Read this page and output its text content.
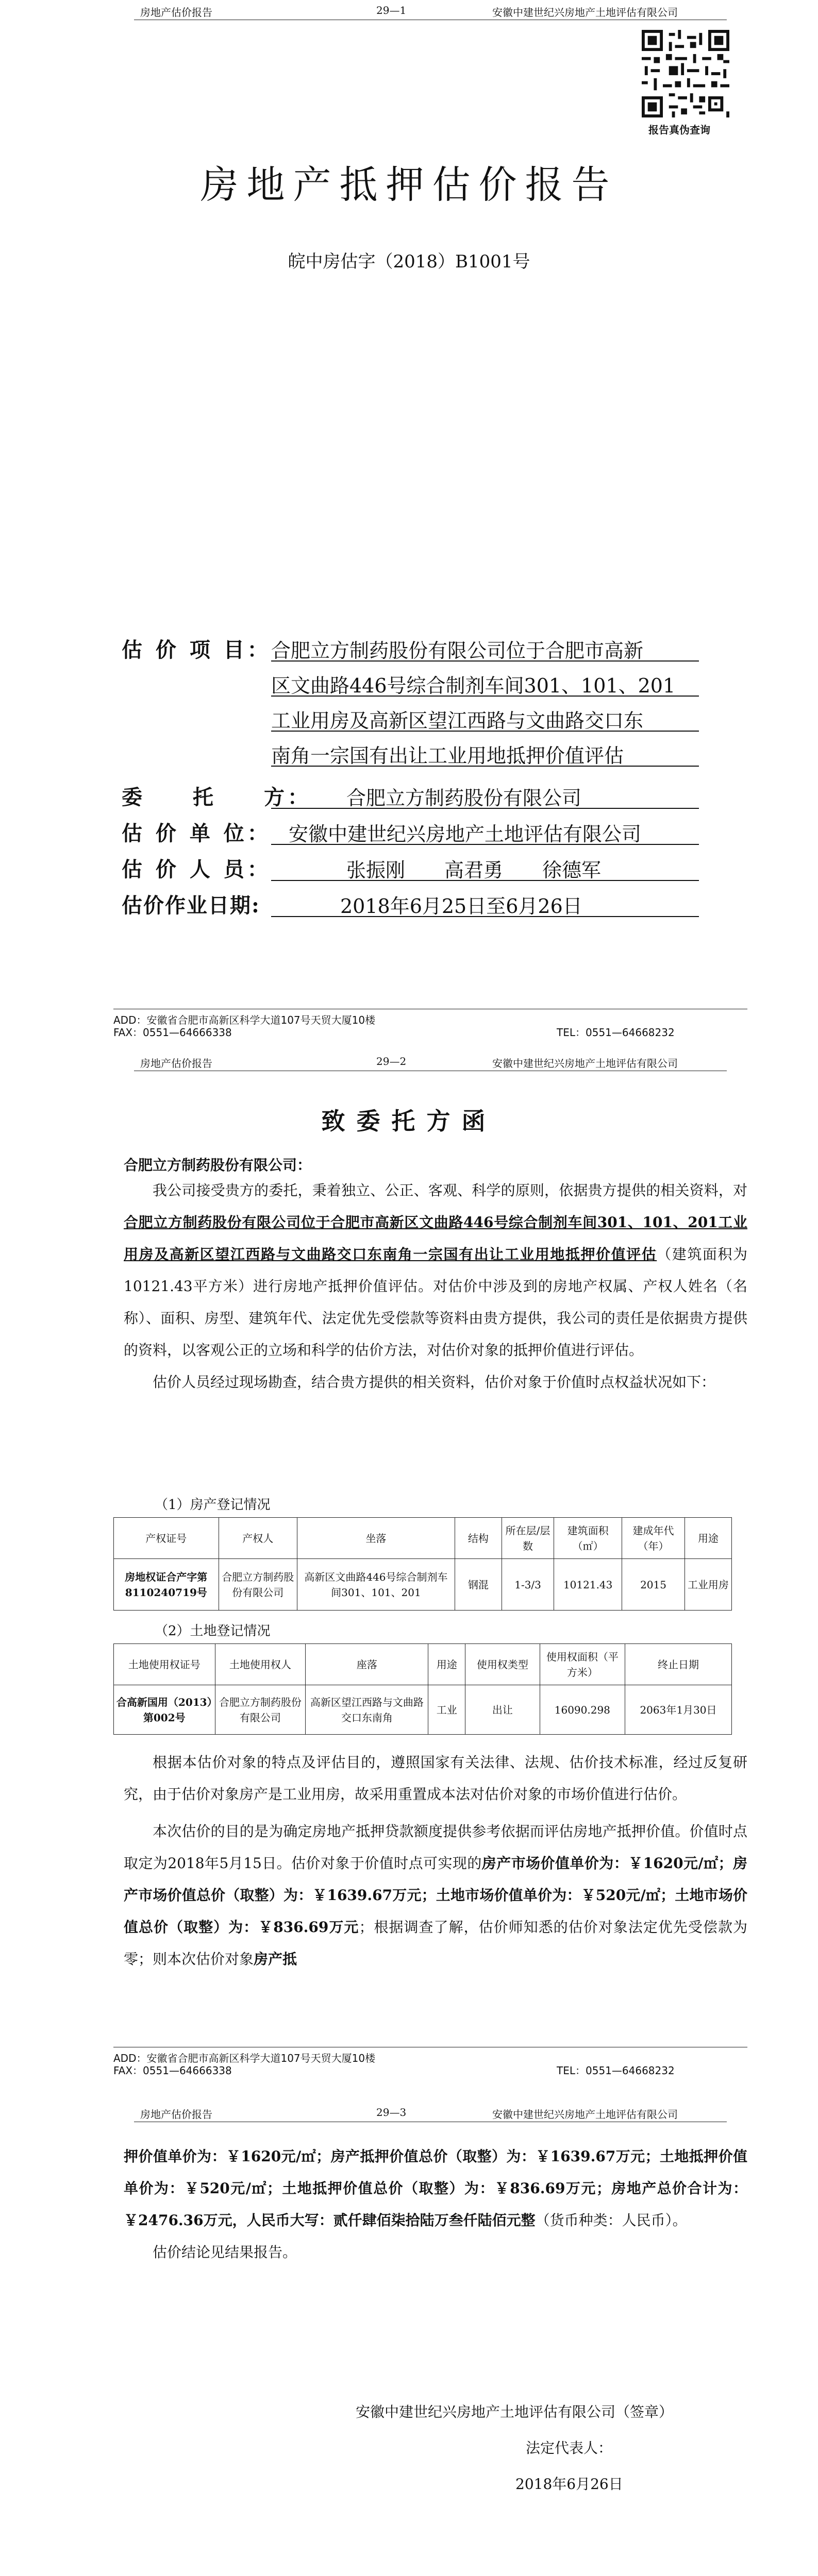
房地产估价报告	29—1	安徽中建世纪兴房地产土地评估有限公司
报告真伪查询
房地产抵押估价报告
皖中房估字（2018）B1001号
估 价 项 目： 合肥立方制药股份有限公司位于合肥市高新
区文曲路446号综合制剂车间301、101、201
工业用房及高新区望江西路与文曲路交口东
南角一宗国有出让工业用地抵押价值评估
委　　托　　方： 合肥立方制药股份有限公司
估 价 单 位： 安徽中建世纪兴房地产土地评估有限公司
估 价 人 员：	张振刚　　高君勇　　徐德军
估价作业日期:	2018年6月25日至6月26日
ADD：安徽省合肥市高新区科学大道107号天贸大厦10楼
FAX：0551—64666338	TEL：0551—64668232
房地产估价报告	29—2	安徽中建世纪兴房地产土地评估有限公司
致委托方函
合肥立方制药股份有限公司：

我公司接受贵方的委托，秉着独立、公正、客观、科学的原则，依据贵方提供的相关资料，对合肥立方制药股份有限公司位于合肥市高新区文曲路446号综合制剂车间301、101、201工业用房及高新区望江西路与文曲路交口东南角一宗国有出让工业用地抵押价值评估（建筑面积为10121.43平方米）进行房地产抵押价值评估。对估价中涉及到的房地产权属、产权人姓名（名称）、面积、房型、建筑年代、法定优先受偿款等资料由贵方提供，我公司的责任是依据贵方提供的资料，以客观公正的立场和科学的估价方法，对估价对象的抵押价值进行评估。

估价人员经过现场勘查，结合贵方提供的相关资料，估价对象于价值时点权益状况如下：

（1）房产登记情况
产权证号	产权人	坐落	结构	所在层/层数	建筑面积（㎡）	建成年代（年）	用途
房地权证合产字第8110240719号	合肥立方制药股份有限公司	高新区文曲路446号综合制剂车间301、101、201	钢混	1-3/3	10121.43	2015	工业用房
（2）土地登记情况
土地使用权证号	土地使用权人	座落	用途	使用权类型	使用权面积（平方米）	终止日期
合高新国用（2013）第002号	合肥立方制药股份有限公司	高新区望江西路与文曲路交口东南角	工业	出让	16090.298	2063年1月30日

根据本估价对象的特点及评估目的，遵照国家有关法律、法规、估价技术标准，经过反复研究，由于估价对象房产是工业用房，故采用重置成本法对估价对象的市场价值进行估价。

本次估价的目的是为确定房地产抵押贷款额度提供参考依据而评估房地产抵押价值。价值时点取定为2018年5月15日。估价对象于价值时点可实现的房产市场价值单价为：￥1620元/㎡；房产市场价值总价（取整）为：￥1639.67万元；土地市场价值单价为：￥520元/㎡；土地市场价值总价（取整）为：￥836.69万元；根据调查了解，估价师知悉的估价对象法定优先受偿款为零；则本次估价对象房产抵

ADD：安徽省合肥市高新区科学大道107号天贸大厦10楼
FAX：0551—64666338	TEL：0551—64668232
房地产估价报告	29—3	安徽中建世纪兴房地产土地评估有限公司

押价值单价为：￥1620元/㎡；房产抵押价值总价（取整）为：￥1639.67万元；土地抵押价值单价为：￥520元/㎡；土地抵押价值总价（取整）为：￥836.69万元；房地产总价合计为：￥2476.36万元，人民币大写：贰仟肆佰柒拾陆万叁仟陆佰元整（货币种类：人民币）。

估价结论见结果报告。

安徽中建世纪兴房地产土地评估有限公司（签章）
法定代表人：
2018年6月26日
